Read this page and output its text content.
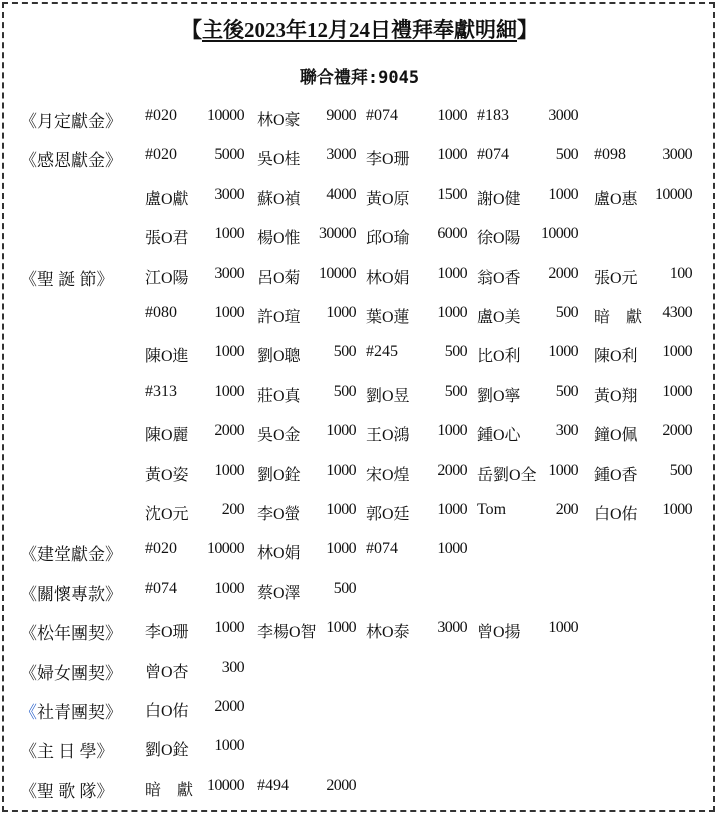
【主後2023年12月24日禮拜奉獻明細】
聯合禮拜:9045
《月定獻金》 #020 10000 林O豪 9000 #074 1000 #183 3000
《感恩獻金》 #020 5000 吳O桂 3000 李O珊 1000 #074	500 #098 3000
盧O獻 3000 蘇O禎 4000 黃O原 1500 謝O健 1000 盧O惠 10000
張O君 1000 楊O惟 30000 邱O瑜 6000 徐O陽 10000
《聖 誕 節》 江O陽 3000 呂O菊 10000 林O娟 1000 翁O香 2000 張O元 100
#080 1000 許O瑄 1000 葉O蓮 1000 盧O美 500 暗 獻 4300
陳O進 1000 劉O聰 500 #245	500 比O利 1000 陳O利 1000
#313 1000 莊O真 500 劉O昱 500 劉O寧 500 黃O翔 1000
陳O麗 2000 吳O金 1000 王O鴻 1000 鍾O心 300 鐘O佩 2000
黃O姿 1000 劉O銓 1000 宋O煌 2000 岳劉O全 1000 鍾O香 500
沈O元 200 李O螢 1000 郭O廷 1000 Tom	200 白O佑 1000
《建堂獻金》 #020 10000 林O娟 1000 #074 1000
《關懷專款》 #074 1000 蔡O澤 500
《松年團契》 李O珊 1000 李楊O智 1000 林O泰 3000 曾O揚 1000
《婦女團契》 曾O杏 300
《社青團契》 白O佑 2000
《主 日 學》 劉O銓 1000
《聖 歌 隊》 暗 獻 10000 #494 2000
